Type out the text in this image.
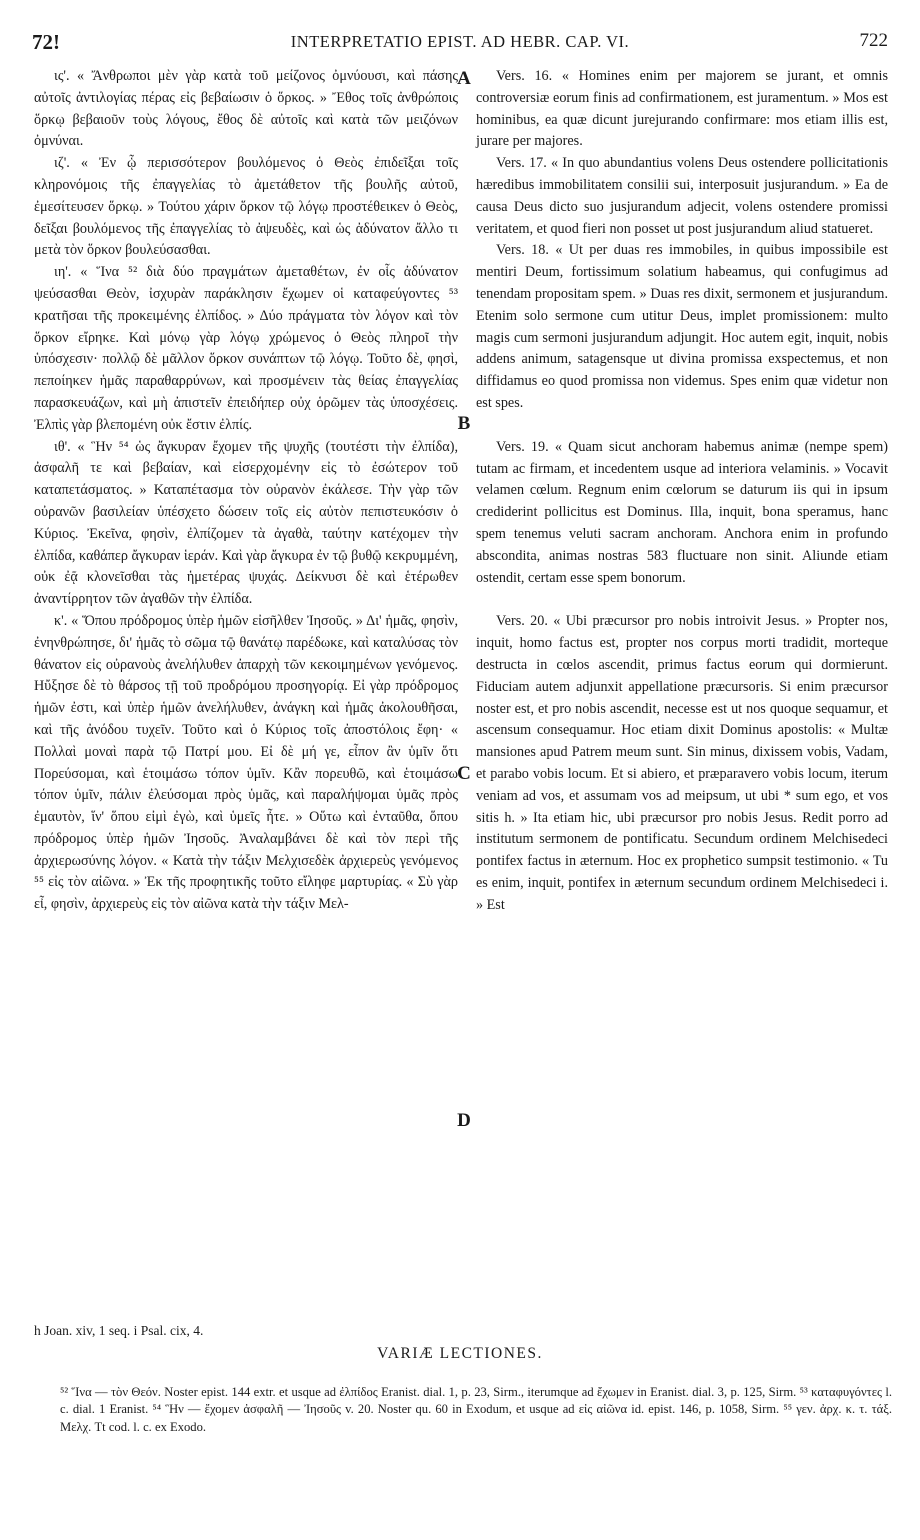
72!	INTERPRETATIO EPIST. AD HEBR. CAP. VI.	722

ις'. « Ἄνθρωποι μὲν γὰρ κατὰ τοῦ μείζονος ὀμνύουσι, καὶ πάσης αὐτοῖς ἀντιλογίας πέρας εἰς βεβαίωσιν ὁ ὅρκος. » Ἔθος τοῖς ἀνθρώποις ὅρκῳ βεβαιοῦν τοὺς λόγους, ἔθος δὲ αὐτοῖς καὶ κατὰ τῶν μειζόνων ὀμνύναι.

ιζ'. « Ἐν ᾧ περισσότερον βουλόμενος ὁ Θεὸς ἐπιδεῖξαι τοῖς κληρονόμοις τῆς ἐπαγγελίας τὸ ἀμετάθετον τῆς βουλῆς αὐτοῦ, ἐμεσίτευσεν ὅρκῳ. » Τούτου χάριν ὅρκον τῷ λόγῳ προστέθεικεν ὁ Θεὸς, δεῖξαι βουλόμενος τῆς ἐπαγγελίας τὸ ἀψευδὲς, καὶ ὡς ἀδύνατον ἄλλο τι μετὰ τὸν ὅρκον βουλεύσασθαι.

ιη'. « Ἵνα ⁵² διὰ δύο πραγμάτων ἀμεταθέτων, ἐν οἷς ἀδύνατον ψεύσασθαι Θεὸν, ἰσχυρὰν παράκλησιν ἔχωμεν οἱ καταφεύγοντες ⁵³ κρατῆσαι τῆς προκειμένης ἐλπίδος. » Δύο πράγματα τὸν λόγον καὶ τὸν ὅρκον εἴρηκε. Καὶ μόνῳ γὰρ λόγῳ χρώμενος ὁ Θεὸς πληροῖ τὴν ὑπόσχεσιν· πολλῷ δὲ μᾶλλον ὅρκον συνάπτων τῷ λόγῳ. Τοῦτο δὲ, φησὶ, πεποίηκεν ἡμᾶς παραθαρρύνων, καὶ προσμένειν τὰς θείας ἐπαγγελίας παρασκευάζων, καὶ μὴ ἀπιστεῖν ἐπειδήπερ οὐχ ὁρῶμεν τὰς ὑποσχέσεις. Ἐλπὶς γὰρ βλεπομένη οὐκ ἔστιν ἐλπίς.

ιθ'. « Ἣν ⁵⁴ ὡς ἄγκυραν ἔχομεν τῆς ψυχῆς (τουτέστι τὴν ἐλπίδα), ἀσφαλῆ τε καὶ βεβαίαν, καὶ εἰσερχομένην εἰς τὸ ἐσώτερον τοῦ καταπετάσματος. » Καταπέτασμα τὸν οὐρανὸν ἐκάλεσε. Τὴν γὰρ τῶν οὐρανῶν βασιλείαν ὑπέσχετο δώσειν τοῖς εἰς αὐτὸν πεπιστευκόσιν ὁ Κύριος. Ἐκεῖνα, φησὶν, ἐλπίζομεν τὰ ἀγαθὰ, ταύτην κατέχομεν τὴν ἐλπίδα, καθάπερ ἄγκυραν ἱεράν. Καὶ γὰρ ἄγκυρα ἐν τῷ βυθῷ κεκρυμμένη, οὐκ ἐᾷ κλονεῖσθαι τὰς ἡμετέρας ψυχάς. Δείκνυσι δὲ καὶ ἑτέρωθεν ἀναντίρρητον τῶν ἀγαθῶν τὴν ἐλπίδα.

κ'. « Ὅπου πρόδρομος ὑπὲρ ἡμῶν εἰσῆλθεν Ἰησοῦς. » Δι' ἡμᾶς, φησὶν, ἐνηνθρώπησε, δι' ἡμᾶς τὸ σῶμα τῷ θανάτῳ παρέδωκε, καὶ καταλύσας τὸν θάνατον εἰς οὐρανοὺς ἀνελήλυθεν ἀπαρχὴ τῶν κεκοιμημένων γενόμενος. Ηὔξησε δὲ τὸ θάρσος τῇ τοῦ προδρόμου προσηγορίᾳ. Εἰ γὰρ πρόδρομος ἡμῶν ἐστι, καὶ ὑπὲρ ἡμῶν ἀνελήλυθεν, ἀνάγκη καὶ ἡμᾶς ἀκολουθῆσαι, καὶ τῆς ἀνόδου τυχεῖν. Τοῦτο καὶ ὁ Κύριος τοῖς ἀποστόλοις ἔφη· « Πολλαὶ μοναὶ παρὰ τῷ Πατρί μου. Εἰ δὲ μή γε, εἶπον ἂν ὑμῖν ὅτι Πορεύσομαι, καὶ ἑτοιμάσω τόπον ὑμῖν. Κἂν πορευθῶ, καὶ ἑτοιμάσω τόπον ὑμῖν, πάλιν ἐλεύσομαι πρὸς ὑμᾶς, καὶ παραλήψομαι ὑμᾶς πρὸς ἐμαυτὸν, ἵν' ὅπου εἰμὶ ἐγὼ, καὶ ὑμεῖς ἦτε. » Οὕτω καὶ ἐνταῦθα, ὅπου πρόδρομος ὑπὲρ ἡμῶν Ἰησοῦς. Ἀναλαμβάνει δὲ καὶ τὸν περὶ τῆς ἀρχιερωσύνης λόγον. « Κατὰ τὴν τάξιν Μελχισεδὲκ ἀρχιερεὺς γενόμενος ⁵⁵ εἰς τὸν αἰῶνα. » Ἐκ τῆς προφητικῆς τοῦτο εἴληφε μαρτυρίας. « Σὺ γὰρ εἶ, φησὶν, ἀρχιερεὺς εἰς τὸν αἰῶνα κατὰ τὴν τάξιν Μελ-

A
B
C
D

Vers. 16. « Homines enim per majorem se jurant, et omnis controversiæ eorum finis ad confirmationem, est juramentum. » Mos est hominibus, ea quæ dicunt jurejurando confirmare: mos etiam illis est, jurare per majores.

Vers. 17. « In quo abundantius volens Deus ostendere pollicitationis hæredibus immobilitatem consilii sui, interposuit jusjurandum. » Ea de causa Deus dicto suo jusjurandum adjecit, volens ostendere promissi veritatem, et quod fieri non posset ut post jusjurandum aliud statueret.

Vers. 18. « Ut per duas res immobiles, in quibus impossibile est mentiri Deum, fortissimum solatium habeamus, qui confugimus ad tenendam propositam spem. » Duas res dixit, sermonem et jusjurandum. Etenim solo sermone cum utitur Deus, implet promissionem: multo magis cum sermoni jusjurandum adjungit. Hoc autem egit, inquit, nobis addens animum, satagensque ut divina promissa exspectemus, et non diffidamus eo quod promissa non videmus. Spes enim quæ videtur non est spes.

Vers. 19. « Quam sicut anchoram habemus animæ (nempe spem) tutam ac firmam, et incedentem usque ad interiora velaminis. » Vocavit velamen cœlum. Regnum enim cœlorum se daturum iis qui in ipsum crediderint pollicitus est Dominus. Illa, inquit, bona speramus, hanc spem tenemus veluti sacram anchoram. Anchora enim in profundo abscondita, animas nostras 583 fluctuare non sinit. Aliunde etiam ostendit, certam esse spem bonorum.

Vers. 20. « Ubi præcursor pro nobis introivit Jesus. » Propter nos, inquit, homo factus est, propter nos corpus morti tradidit, morteque destructa in cœlos ascendit, primus factus eorum qui dormierunt. Fiduciam autem adjunxit appellatione præcursoris. Si enim præcursor noster est, et pro nobis ascendit, necesse est ut nos quoque sequamur, et ascensum consequamur. Hoc etiam dixit Dominus apostolis: « Multæ mansiones apud Patrem meum sunt. Sin minus, dixissem vobis, Vadam, et parabo vobis locum. Et si abiero, et præparavero vobis locum, iterum veniam ad vos, et assumam vos ad meipsum, ut ubi * sum ego, et vos sitis h. » Ita etiam hic, ubi præcursor pro nobis Jesus. Redit porro ad institutum sermonem de pontificatu. Secundum ordinem Melchisedeci pontifex factus in æternum. Hoc ex prophetico sumpsit testimonio. « Tu es enim, inquit, pontifex in æternum secundum ordinem Melchisedeci i. » Est

h Joan. xiv, 1 seq. i Psal. cix, 4.
VARIÆ LECTIONES.

⁵² Ἵνα — τὸν Θεόν. Noster epist. 144 extr. et usque ad ἐλπίδος Eranist. dial. 1, p. 23, Sirm., iterumque ad ἔχωμεν in Eranist. dial. 3, p. 125, Sirm. ⁵³ καταφυγόντες l. c. dial. 1 Eranist. ⁵⁴ Ἣν — ἔχομεν ἀσφαλῆ — Ἰησοῦς v. 20. Noster qu. 60 in Exodum, et usque ad εἰς αἰῶνα id. epist. 146, p. 1058, Sirm. ⁵⁵ γεν. ἀρχ. κ. τ. τάξ. Μελχ. Tt cod. l. c. ex Exodo.
